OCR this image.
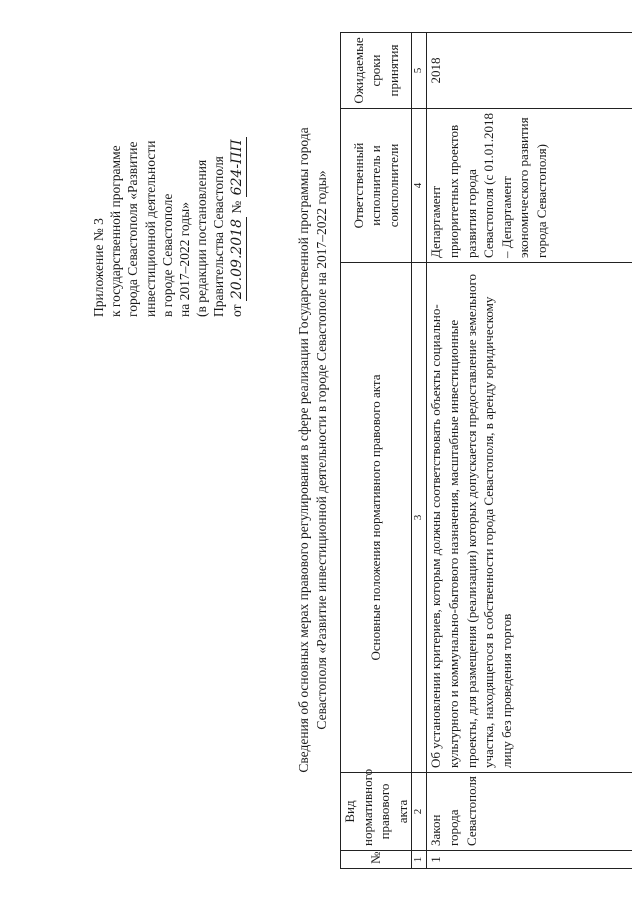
Приложение № 3 к государственной программе города Севастополя «Развитие инвестиционной деятельности в городе Севастополе на 2017–2022 годы» (в редакции постановления Правительства Севастополя от 20.09.2018 № 624-ПП	Сведения об основных мерах правового регулирования в сфере реализации Государственной программы города Севастополя «Развитие инвестиционной деятельности в городе Севастополе на 2017–2022 годы»
№	Вид нормативного правового акта	Основные положения нормативного правового акта	Ответственный исполнитель и соисполнители	Ожидаемые сроки принятия
1	2	3	4	5
1	Закон города Севастополя	Об установлении критериев, которым должны соответствовать объекты социально-культурного и коммунально-бытового назначения, масштабные инвестиционные проекты, для размещения (реализации) которых допускается предоставление земельного участка, находящегося в собственности города Севастополя, в аренду юридическому лицу без проведения торгов	Департамент приоритетных проектов развития города Севастополя (с 01.01.2018 – Департамент экономического развития города Севастополя)	2018
